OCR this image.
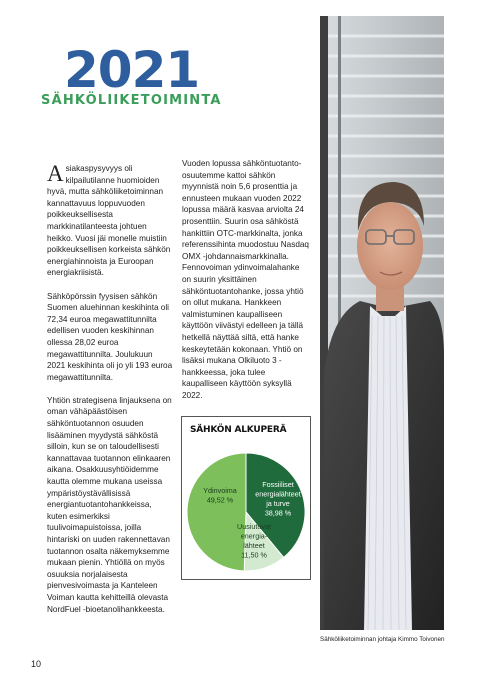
2021
SÄHKÖLIIKETOIMINTA

Asiakaspysyvyys oli kilpailutilanne huomioiden hyvä, mutta sähköliiketoiminnan kannattavuus loppuvuoden poikkeuksellisesta markkinatilanteesta johtuen heikko. Vuosi jäi monelle muistiin poikkeuksellisen korkeista sähkön energiahinnoista ja Euroopan energiakriisistä.

Sähköpörssin fyysisen sähkön Suomen aluehinnan keskihinta oli 72,34 euroa megawattitunnilta edellisen vuoden keskihinnan ollessa 28,02 euroa megawattitunnilta. Joulukuun 2021 keskihinta oli jo yli 193 euroa megawattitunnilta.

Yhtiön strategisena linjauksena on oman vähäpäästöisen sähköntuotannon osuuden lisääminen myydystä sähköstä silloin, kun se on taloudellisesti kannattavaa tuotannon elinkaaren aikana. Osakkuusyhtiöidemme kautta olemme mukana useissa ympäristöystävällisissä energiantuotantohankkeissa, kuten esimerkiksi tuulivoimapuistoissa, joilla hintariski on uuden rakennettavan tuotannon osalta näkemyksemme mukaan pienin. Yhtiöllä on myös osuuksia norjalaisesta pienvesivoimasta ja Kanteleen Voiman kautta kehitteillä olevasta NordFuel -bioetanolihankkeesta.

Vuoden lopussa sähköntuotanto-osuutemme kattoi sähkön myynnistä noin 5,6 prosenttia ja ennusteen mukaan vuoden 2022 lopussa määrä kasvaa arviolta 24 prosenttiin. Suurin osa sähköstä hankittiin OTC-markkinalta, jonka referenssihinta muodostuu Nasdaq OMX -johdannaismarkkinalla. Fennovoiman ydinvoimalahanke on suurin yksittäinen sähköntuotantohanke, jossa yhtiö on ollut mukana. Hankkeen valmistuminen kaupalliseen käyttöön viivästyi edelleen ja tällä hetkellä näyttää siltä, että hanke keskeytetään kokonaan. Yhtiö on lisäksi mukana Olkiluoto 3 -hankkeessa, joka tulee kaupalliseen käyttöön syksyllä 2022.

SÄHKÖN ALKUPERÄ
Ydinvoima 49,52 %
Fossiiliset energialähteet ja turve 38,98 %
Uusiutuvat energia-lähteet 11,50 %
Sähköliiketoiminnan johtaja Kimmo Toivonen
10
